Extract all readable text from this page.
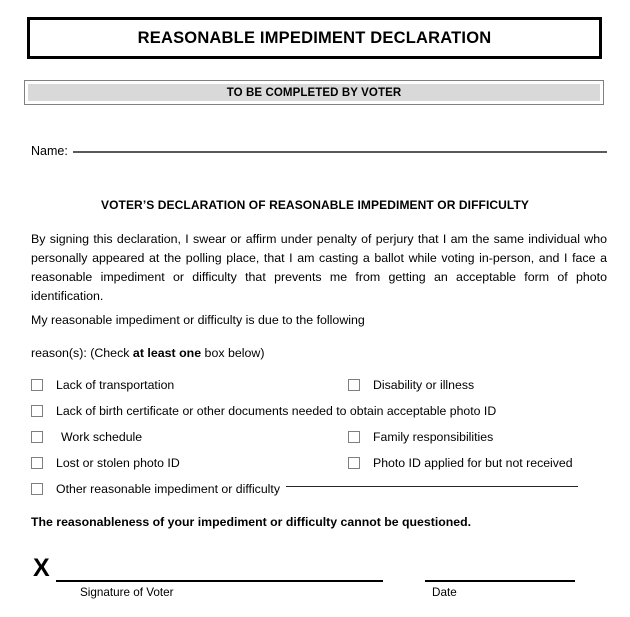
REASONABLE IMPEDIMENT DECLARATION
TO BE COMPLETED BY VOTER
Name:
VOTER’S DECLARATION OF REASONABLE IMPEDIMENT OR DIFFICULTY
By signing this declaration, I swear or affirm under penalty of perjury that I am the same individual who personally appeared at the polling place, that I am casting a ballot while voting in-person, and I face a reasonable impediment or difficulty that prevents me from getting an acceptable form of photo identification.
My reasonable impediment or difficulty is due to the following
reason(s): (Check at least one box below)
Lack of transportation	Disability or illness
Lack of birth certificate or other documents needed to obtain acceptable photo ID
Work schedule	Family responsibilities
Lost or stolen photo ID	Photo ID applied for but not received
Other reasonable impediment or difficulty
The reasonableness of your impediment or difficulty cannot be questioned.
X
Signature of Voter	Date
